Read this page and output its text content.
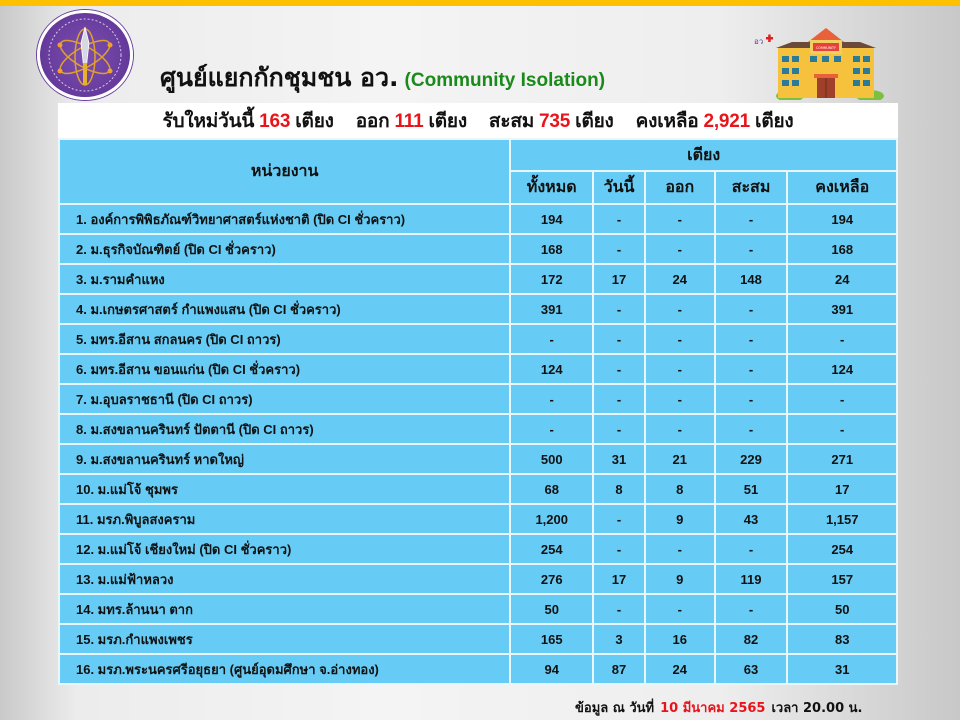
ศูนย์แยกกักชุมชน อว. (Community Isolation)
อว
COMMUNITY
รับใหม่วันนี้ 163 เตียง ออก 111 เตียง สะสม 735 เตียง คงเหลือ 2,921 เตียง
หน่วยงาน	เตียง				
	ทั้งหมด	วันนี้	ออก	สะสม	คงเหลือ
1. องค์การพิพิธภัณฑ์วิทยาศาสตร์แห่งชาติ (ปิด CI ชั่วคราว)	194	-	-	-	194
2. ม.ธุรกิจบัณฑิตย์ (ปิด CI ชั่วคราว)	168	-	-	-	168
3. ม.รามคำแหง	172	17	24	148	24
4. ม.เกษตรศาสตร์ กำแพงแสน (ปิด CI ชั่วคราว)	391	-	-	-	391
5. มทร.อีสาน สกลนคร (ปิด CI ถาวร)	-	-	-	-	-
6. มทร.อีสาน ขอนแก่น (ปิด CI ชั่วคราว)	124	-	-	-	124
7. ม.อุบลราชธานี (ปิด CI ถาวร)	-	-	-	-	-
8. ม.สงขลานครินทร์ ปัตตานี (ปิด CI ถาวร)	-	-	-	-	-
9. ม.สงขลานครินทร์ หาดใหญ่	500	31	21	229	271
10. ม.แม่โจ้ ชุมพร	68	8	8	51	17
11. มรภ.พิบูลสงคราม	1,200	-	9	43	1,157
12. ม.แม่โจ้ เชียงใหม่ (ปิด CI ชั่วคราว)	254	-	-	-	254
13. ม.แม่ฟ้าหลวง	276	17	9	119	157
14. มทร.ล้านนา ตาก	50	-	-	-	50
15. มรภ.กำแพงเพชร	165	3	16	82	83
16. มรภ.พระนครศรีอยุธยา (ศูนย์อุดมศึกษา จ.อ่างทอง)	94	87	24	63	31
ข้อมูล ณ วันที่ 10 มีนาคม 2565 เวลา 20.00 น.
